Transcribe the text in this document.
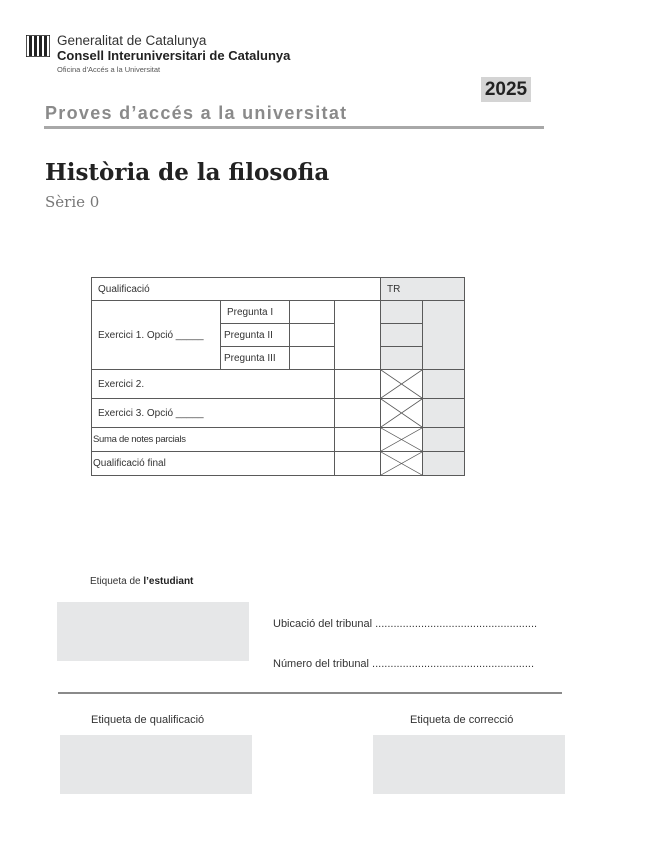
Generalitat de Catalunya
Consell Interuniversitari de Catalunya
Oficina d'Accés a la Universitat
2025
Proves d’accés a la universitat
Història de la filosofia
Sèrie 0
Qualificació				TR	
Exercici 1. Opció _____	Pregunta I				
	Pregunta II				
	Pregunta III				
Exercici 2.		

Exercici 3. Opció _____		

Suma de notes parcials		

Qualificació final		

Etiqueta de l’estudiant
Ubicació del tribunal .....................................................
Número del tribunal .....................................................
Etiqueta de qualificació	Etiqueta de correcció
